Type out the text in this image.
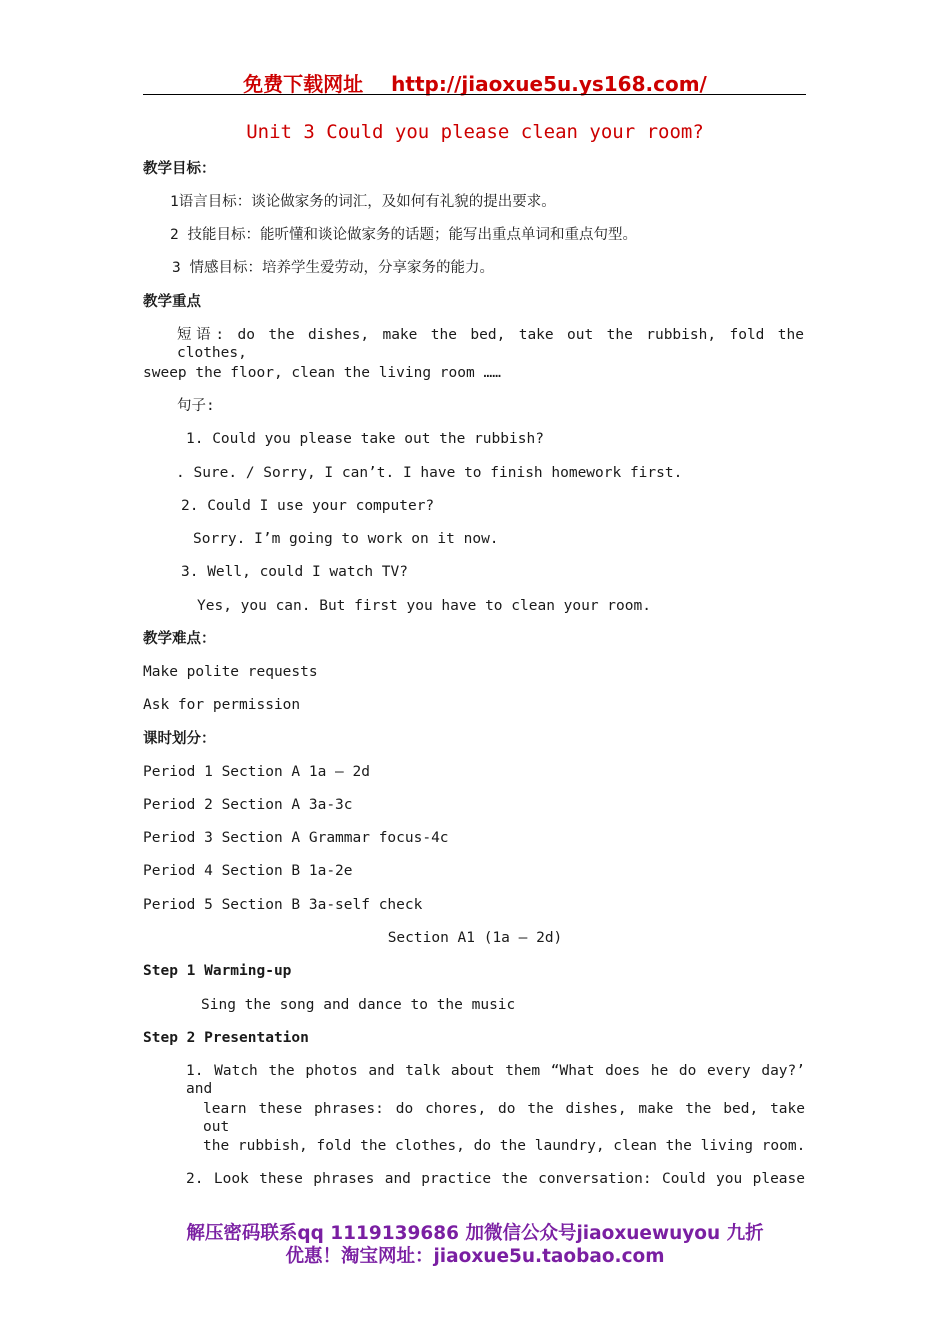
免费下载网址 http://jiaoxue5u.ys168.com/
Unit 3 Could you please clean your room?
教学目标：
1语言目标：谈论做家务的词汇，及如何有礼貌的提出要求。
2 技能目标：能听懂和谈论做家务的话题；能写出重点单词和重点句型。
3 情感目标：培养学生爱劳动，分享家务的能力。
教学重点
短语: do the dishes, make the bed, take out the rubbish, fold the clothes,
sweep the floor, clean the living room ……
句子:
1. Could you please take out the rubbish?
. Sure. / Sorry, I can’t. I have to finish homework first.
2. Could I use your computer?
Sorry. I’m going to work on it now.
3. Well, could I watch TV?
Yes, you can. But first you have to clean your room.
教学难点：
Make polite requests
Ask for permission
课时划分：
Period 1 Section A 1a – 2d
Period 2 Section A 3a-3c
Period 3 Section A Grammar focus-4c
Period 4 Section B 1a-2e
Period 5 Section B 3a-self check
Section A1 (1a – 2d)
Step 1 Warming-up
Sing the song and dance to the music
Step 2 Presentation
1. Watch the photos and talk about them “What does he do every day?’ and
learn these phrases: do chores, do the dishes, make the bed, take out
the rubbish, fold the clothes, do the laundry, clean the living room.
2. Look these phrases and practice the conversation: Could you please
解压密码联系qq 1119139686 加微信公众号jiaoxuewuyou 九折
优惠！淘宝网址：jiaoxue5u.taobao.com
